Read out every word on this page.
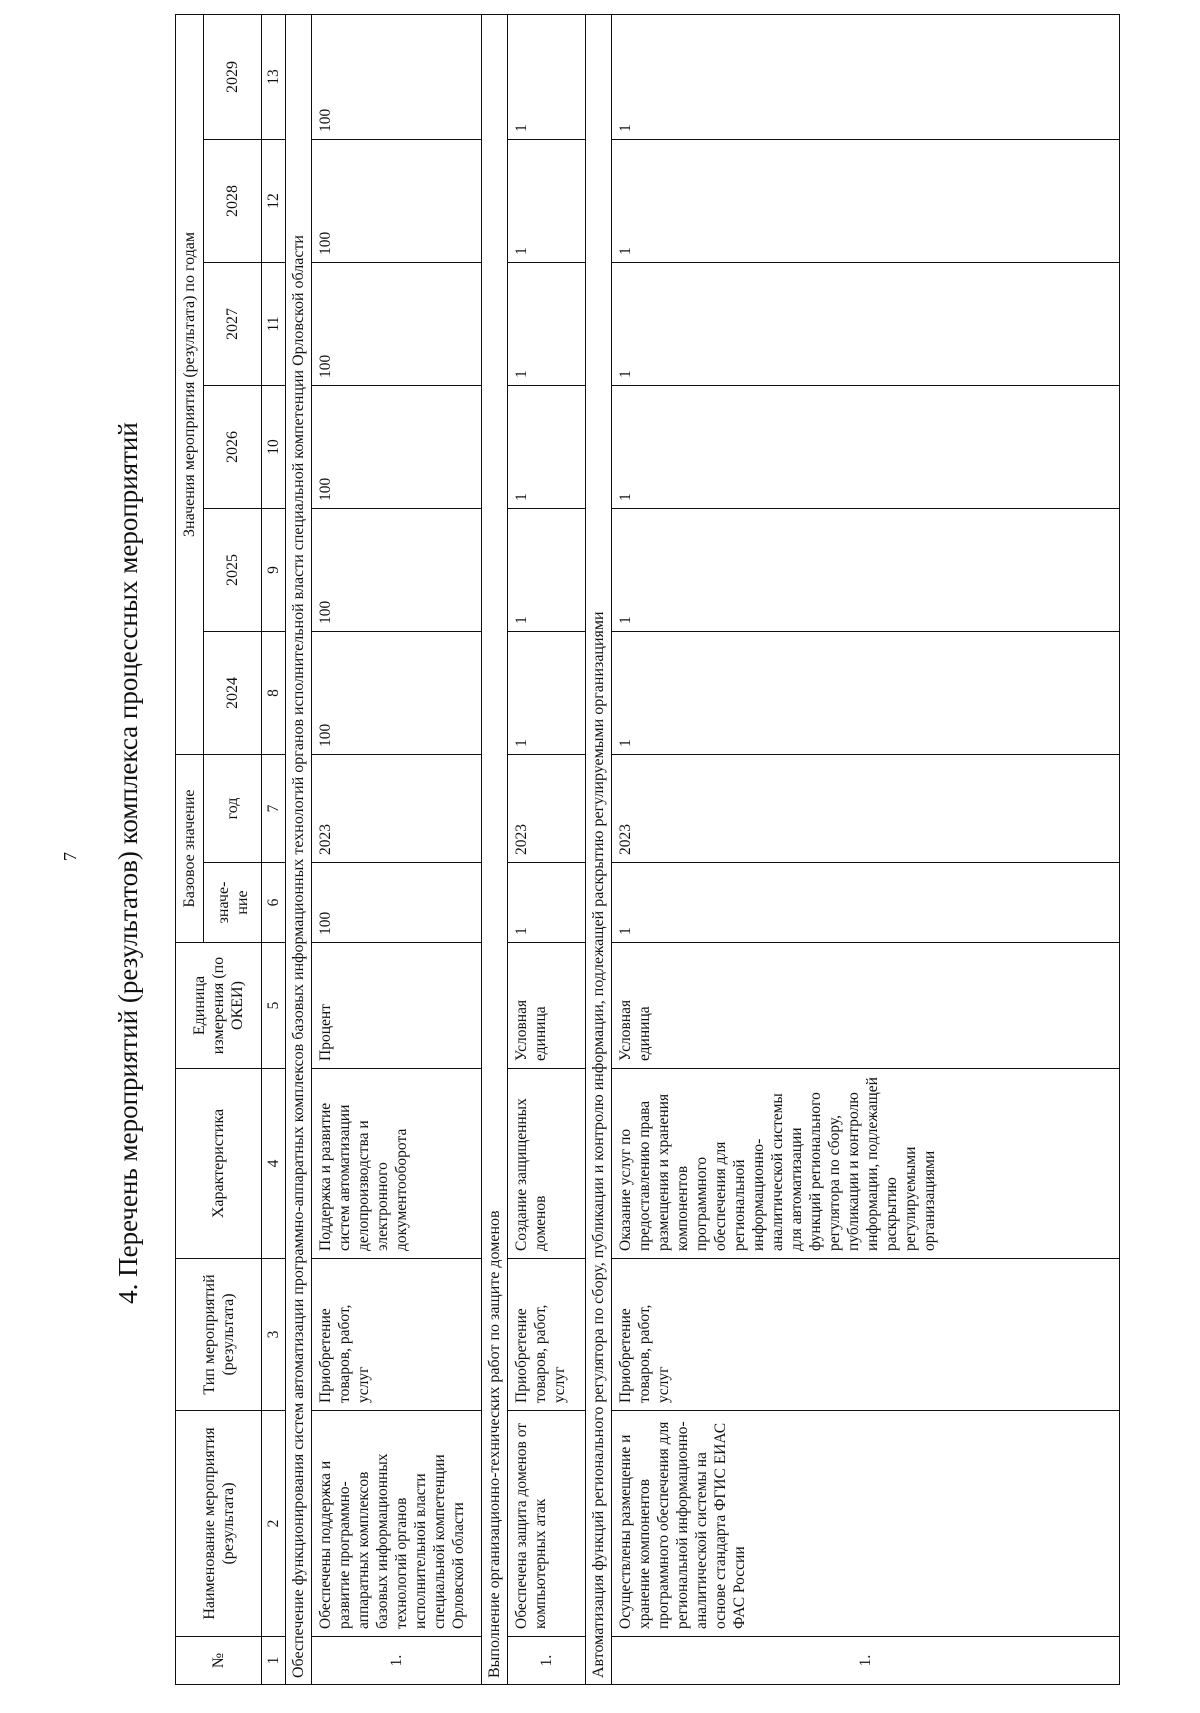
7 4. Перечень мероприятий (результатов) комплекса процессных мероприятий
№	Наименование мероприятия (результата)	Тип мероприятий (результата)	Характеристика	Единица измерения (по ОКЕИ)	Базовое значение		Значения мероприятия (результата) по годам					
					значе-ние	год	2024	2025	2026	2027	2028	2029
1	2	3	4	5	6	7	8	9	10	11	12	13
Обеспечение функционирования систем автоматизации программно-аппаратных комплексов базовых информационных технологий органов исполнительной власти специальной компетенции Орловской области												
1.	Обеспечены поддержка и развитие программно-аппаратных комплексов базовых информационных технологий органов исполнительной власти специальной компетенции Орловской области	Приобретение товаров, работ, услуг	Поддержка и развитие систем автоматизации делопроизводства и электронного документооборота	Процент	100	2023	100	100	100	100	100	100
Выполнение организационно-технических работ по защите доменов												
1.	Обеспечена защита доменов от компьютерных атак	Приобретение товаров, работ, услуг	Создание защищенных доменов	Условная единица	1	2023	1	1	1	1	1	1
Автоматизация функций регионального регулятора по сбору, публикации и контролю информации, подлежащей раскрытию регулируемыми организациями												
1.	Осуществлены размещение и хранение компонентов программного обеспечения для региональной информационно-аналитической системы на основе стандарта ФГИС ЕИАС ФАС России	Приобретение товаров, работ, услуг	Оказание услуг по предоставлению права размещения и хранения компонентов программного обеспечения для региональной информационно-аналитической системы для автоматизации функций регионального регулятора по сбору, публикации и контролю информации, подлежащей раскрытию регулируемыми организациями	Условная единица	1	2023	1	1	1	1	1	1
